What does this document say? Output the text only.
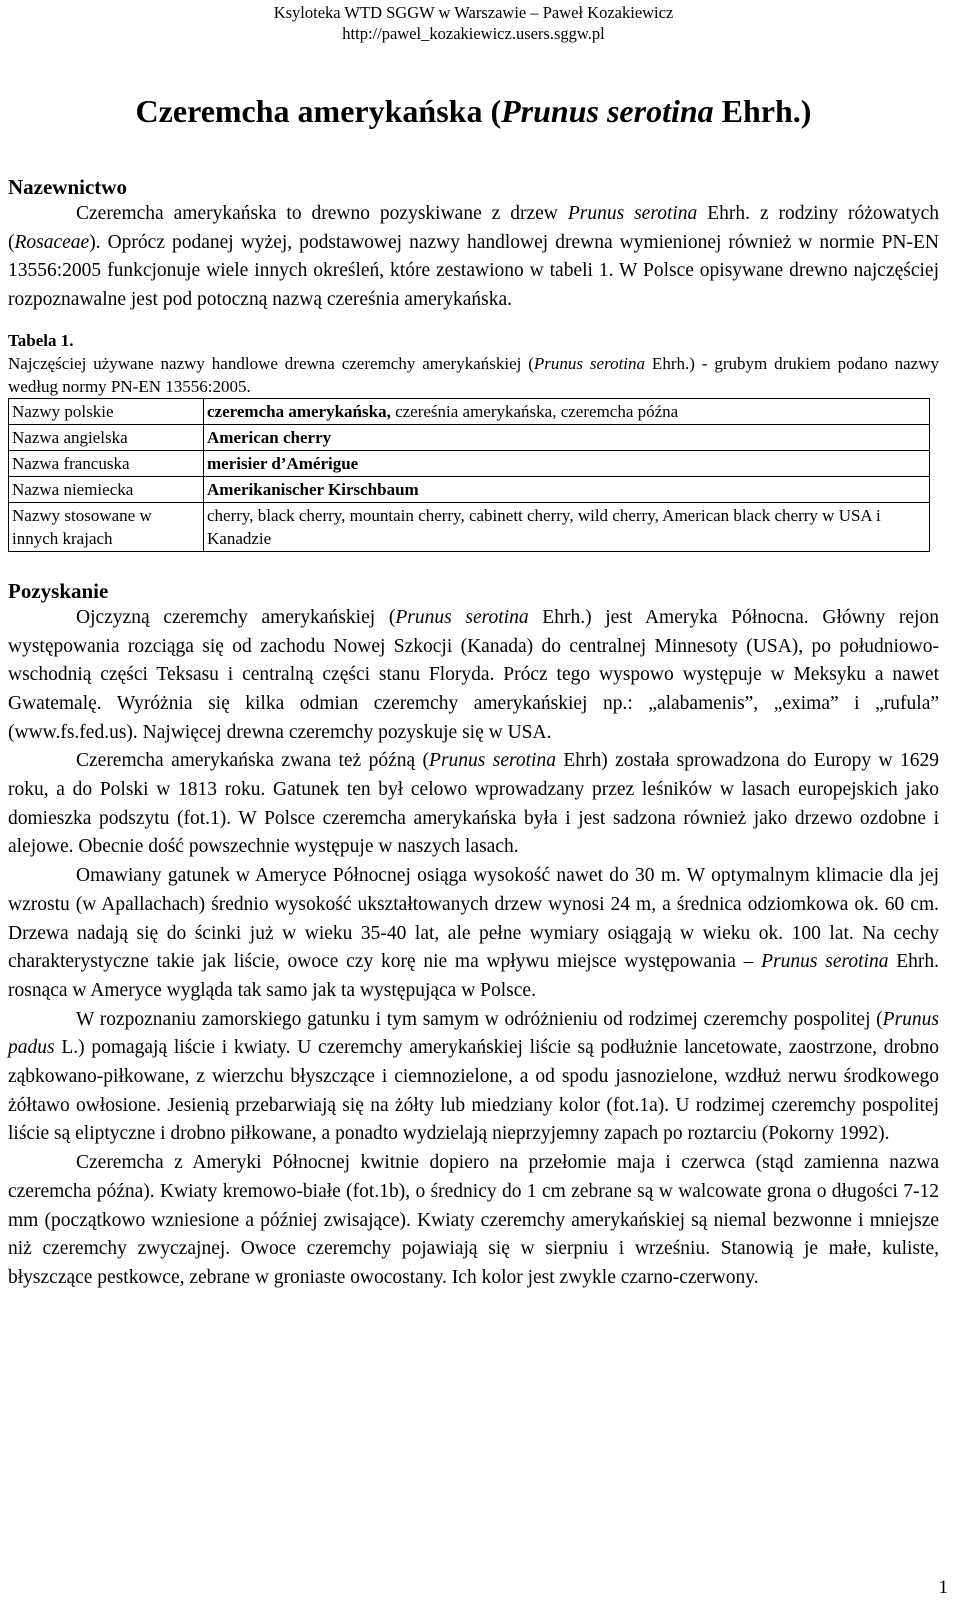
Ksyloteka WTD SGGW w Warszawie – Paweł Kozakiewicz
http://pawel_kozakiewicz.users.sggw.pl
Czeremcha amerykańska (Prunus serotina Ehrh.)
Nazewnictwo

Czeremcha amerykańska to drewno pozyskiwane z drzew Prunus serotina Ehrh. z rodziny różowatych (Rosaceae). Oprócz podanej wyżej, podstawowej nazwy handlowej drewna wymienionej również w normie PN-EN 13556:2005 funkcjonuje wiele innych określeń, które zestawiono w tabeli 1. W Polsce opisywane drewno najczęściej rozpoznawalne jest pod potoczną nazwą czereśnia amerykańska.

Tabela 1.

Najczęściej używane nazwy handlowe drewna czeremchy amerykańskiej (Prunus serotina Ehrh.) - grubym drukiem podano nazwy według normy PN-EN 13556:2005.

Nazwy polskie	czeremcha amerykańska, czereśnia amerykańska, czeremcha późna
Nazwa angielska	American cherry
Nazwa francuska	merisier d’Amérigue
Nazwa niemiecka	Amerikanischer Kirschbaum
Nazwy stosowane w innych krajach	cherry, black cherry, mountain cherry, cabinett cherry, wild cherry, American black cherry w USA i Kanadzie
Pozyskanie

Ojczyzną czeremchy amerykańskiej (Prunus serotina Ehrh.) jest Ameryka Północna. Główny rejon występowania rozciąga się od zachodu Nowej Szkocji (Kanada) do centralnej Minnesoty (USA), po południowo-wschodnią części Teksasu i centralną części stanu Floryda. Prócz tego wyspowo występuje w Meksyku a nawet Gwatemalę. Wyróżnia się kilka odmian czeremchy amerykańskiej np.: „alabamenis”, „exima” i „rufula” (www.fs.fed.us). Najwięcej drewna czeremchy pozyskuje się w USA.

Czeremcha amerykańska zwana też późną (Prunus serotina Ehrh) została sprowadzona do Europy w 1629 roku, a do Polski w 1813 roku. Gatunek ten był celowo wprowadzany przez leśników w lasach europejskich jako domieszka podszytu (fot.1). W Polsce czeremcha amerykańska była i jest sadzona również jako drzewo ozdobne i alejowe. Obecnie dość powszechnie występuje w naszych lasach.

Omawiany gatunek w Ameryce Północnej osiąga wysokość nawet do 30 m. W optymalnym klimacie dla jej wzrostu (w Apallachach) średnio wysokość ukształtowanych drzew wynosi 24 m, a średnica odziomkowa ok. 60 cm. Drzewa nadają się do ścinki już w wieku 35-40 lat, ale pełne wymiary osiągają w wieku ok. 100 lat. Na cechy charakterystyczne takie jak liście, owoce czy korę nie ma wpływu miejsce występowania – Prunus serotina Ehrh. rosnąca w Ameryce wygląda tak samo jak ta występująca w Polsce.

W rozpoznaniu zamorskiego gatunku i tym samym w odróżnieniu od rodzimej czeremchy pospolitej (Prunus padus L.) pomagają liście i kwiaty. U czeremchy amerykańskiej liście są podłużnie lancetowate, zaostrzone, drobno ząbkowano-piłkowane, z wierzchu błyszczące i ciemnozielone, a od spodu jasnozielone, wzdłuż nerwu środkowego żółtawo owłosione. Jesienią przebarwiają się na żółty lub miedziany kolor (fot.1a). U rodzimej czeremchy pospolitej liście są eliptyczne i drobno piłkowane, a ponadto wydzielają nieprzyjemny zapach po roztarciu (Pokorny 1992).

Czeremcha z Ameryki Północnej kwitnie dopiero na przełomie maja i czerwca (stąd zamienna nazwa czeremcha późna). Kwiaty kremowo-białe (fot.1b), o średnicy do 1 cm zebrane są w walcowate grona o długości 7-12 mm (początkowo wzniesione a później zwisające). Kwiaty czeremchy amerykańskiej są niemal bezwonne i mniejsze niż czeremchy zwyczajnej. Owoce czeremchy pojawiają się w sierpniu i wrześniu. Stanowią je małe, kuliste, błyszczące pestkowce, zebrane w groniaste owocostany. Ich kolor jest zwykle czarno-czerwony.

1
